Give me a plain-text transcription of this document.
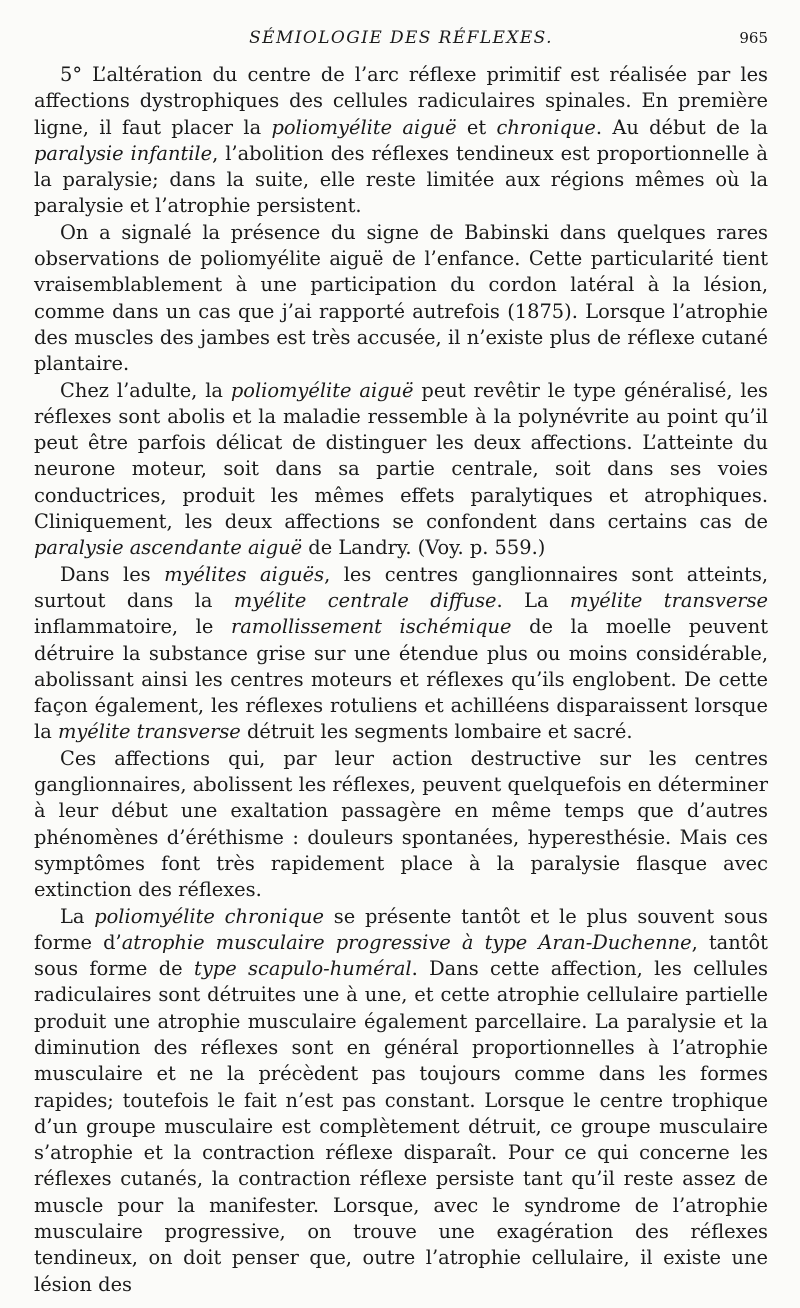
SÉMIOLOGIE DES RÉFLEXES.	965

5° L’altération du centre de l’arc réflexe primitif est réalisée par les affections dystrophiques des cellules radiculaires spinales. En première ligne, il faut placer la poliomyélite aiguë et chronique. Au début de la paralysie infantile, l’abolition des réflexes tendineux est proportionnelle à la paralysie; dans la suite, elle reste limitée aux régions mêmes où la paralysie et l’atrophie persistent.

On a signalé la présence du signe de Babinski dans quelques rares observations de poliomyélite aiguë de l’enfance. Cette particularité tient vraisemblablement à une participation du cordon latéral à la lésion, comme dans un cas que j’ai rapporté autrefois (1875). Lorsque l’atrophie des muscles des jambes est très accusée, il n’existe plus de réflexe cutané plantaire.

Chez l’adulte, la poliomyélite aiguë peut revêtir le type généralisé, les réflexes sont abolis et la maladie ressemble à la polynévrite au point qu’il peut être parfois délicat de distinguer les deux affections. L’atteinte du neurone moteur, soit dans sa partie centrale, soit dans ses voies conductrices, produit les mêmes effets paralytiques et atrophiques. Cliniquement, les deux affections se confondent dans certains cas de paralysie ascendante aiguë de Landry. (Voy. p. 559.)

Dans les myélites aiguës, les centres ganglionnaires sont atteints, surtout dans la myélite centrale diffuse. La myélite transverse inflammatoire, le ramollissement ischémique de la moelle peuvent détruire la substance grise sur une étendue plus ou moins considérable, abolissant ainsi les centres moteurs et réflexes qu’ils englobent. De cette façon également, les réflexes rotuliens et achilléens disparaissent lorsque la myélite transverse détruit les segments lombaire et sacré.

Ces affections qui, par leur action destructive sur les centres ganglionnaires, abolissent les réflexes, peuvent quelquefois en déterminer à leur début une exaltation passagère en même temps que d’autres phénomènes d’éréthisme : douleurs spontanées, hyperesthésie. Mais ces symptômes font très rapidement place à la paralysie flasque avec extinction des réflexes.

La poliomyélite chronique se présente tantôt et le plus souvent sous forme d’atrophie musculaire progressive à type Aran-Duchenne, tantôt sous forme de type scapulo-huméral. Dans cette affection, les cellules radiculaires sont détruites une à une, et cette atrophie cellulaire partielle produit une atrophie musculaire également parcellaire. La paralysie et la diminution des réflexes sont en général proportionnelles à l’atrophie musculaire et ne la précèdent pas toujours comme dans les formes rapides; toutefois le fait n’est pas constant. Lorsque le centre trophique d’un groupe musculaire est complètement détruit, ce groupe musculaire s’atrophie et la contraction réflexe disparaît. Pour ce qui concerne les réflexes cutanés, la contraction réflexe persiste tant qu’il reste assez de muscle pour la manifester. Lorsque, avec le syndrome de l’atrophie musculaire progressive, on trouve une exagération des réflexes tendineux, on doit penser que, outre l’atrophie cellulaire, il existe une lésion des
